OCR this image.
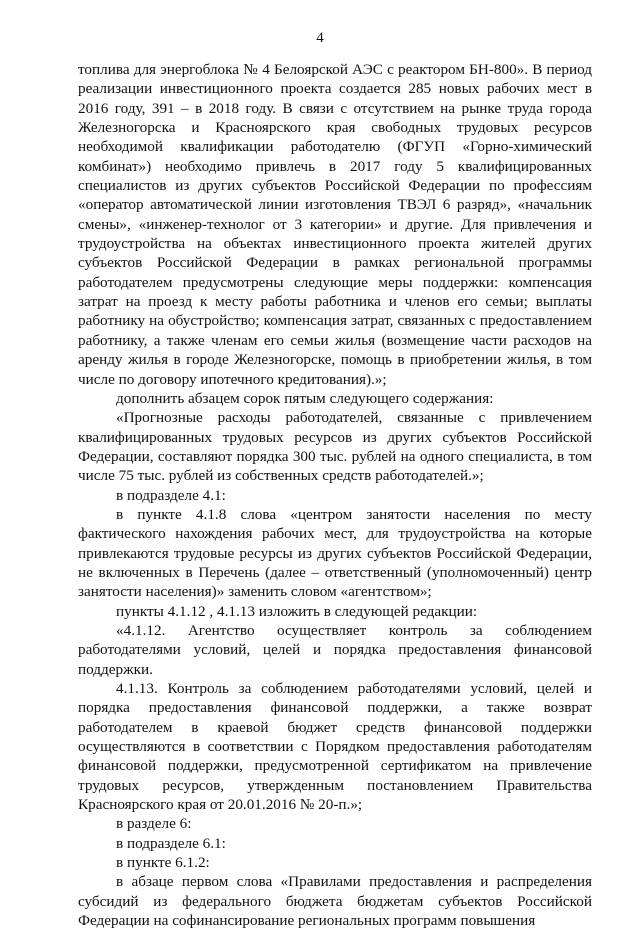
4

топлива для энергоблока № 4 Белоярской АЭС с реактором БН-800». В период реализации инвестиционного проекта создается 285 новых рабочих мест в 2016 году, 391 – в 2018 году. В связи с отсутствием на рынке труда города Железногорска и Красноярского края свободных трудовых ресурсов необходимой квалификации работодателю (ФГУП «Горно-химический комбинат») необходимо привлечь в 2017 году 5 квалифицированных специалистов из других субъектов Российской Федерации по профессиям «оператор автоматической линии изготовления ТВЭЛ 6 разряд», «начальник смены», «инженер-технолог от 3 категории» и другие. Для привлечения и трудоустройства на объектах инвестиционного проекта жителей других субъектов Российской Федерации в рамках региональной программы работодателем предусмотрены следующие меры поддержки: компенсация затрат на проезд к месту работы работника и членов его семьи; выплаты работнику на обустройство; компенсация затрат, связанных с предоставлением работнику, а также членам его семьи жилья (возмещение части расходов на аренду жилья в городе Железногорске, помощь в приобретении жилья, в том числе по договору ипотечного кредитования).»;

дополнить абзацем сорок пятым следующего содержания:

«Прогнозные расходы работодателей, связанные с привлечением квалифицированных трудовых ресурсов из других субъектов Российской Федерации, составляют порядка 300 тыс. рублей на одного специалиста, в том числе 75 тыс. рублей из собственных средств работодателей.»;

в подразделе 4.1:

в пункте 4.1.8 слова «центром занятости населения по месту фактического нахождения рабочих мест, для трудоустройства на которые привлекаются трудовые ресурсы из других субъектов Российской Федерации, не включенных в Перечень (далее – ответственный (уполномоченный) центр занятости населения)» заменить словом «агентством»;

пункты 4.1.12 , 4.1.13 изложить в следующей редакции:

«4.1.12. Агентство осуществляет контроль за соблюдением работодателями условий, целей и порядка предоставления финансовой поддержки.

4.1.13. Контроль за соблюдением работодателями условий, целей и порядка предоставления финансовой поддержки, а также возврат работодателем в краевой бюджет средств финансовой поддержки осуществляются в соответствии с Порядком предоставления работодателям финансовой поддержки, предусмотренной сертификатом на привлечение трудовых ресурсов, утвержденным постановлением Правительства Красноярского края от 20.01.2016 № 20-п.»;

в разделе 6:

в подразделе 6.1:

в пункте 6.1.2:

в абзаце первом слова «Правилами предоставления и распределения субсидий из федерального бюджета бюджетам субъектов Российской Федерации на софинансирование региональных программ повышения
